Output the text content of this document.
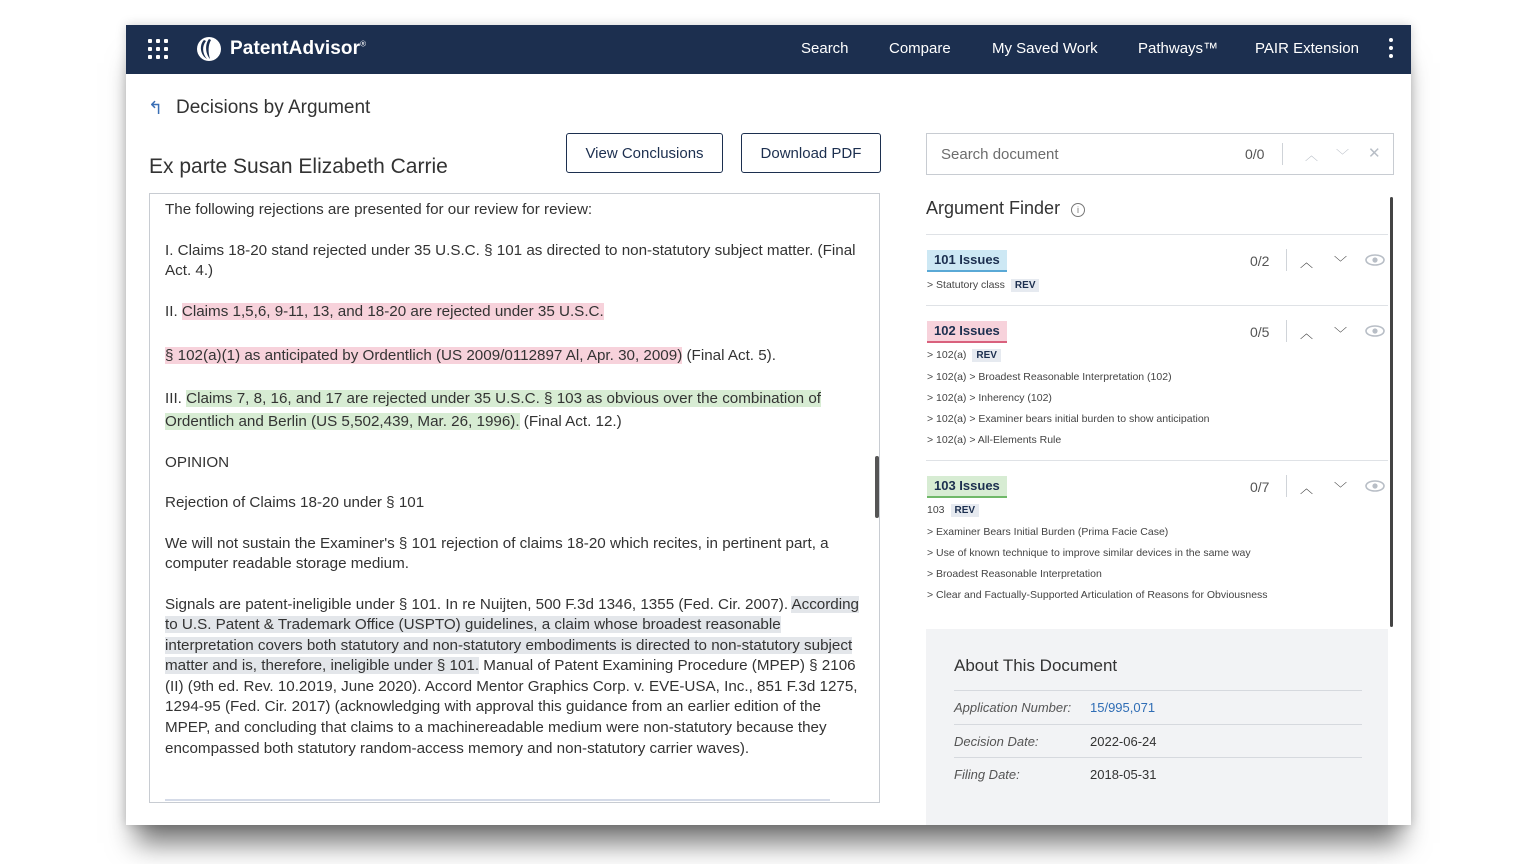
PatentAdvisor®	Search	Compare	My Saved Work	Pathways™ PAIR Extension
↰ Decisions by Argument
Ex parte Susan Elizabeth Carrie
View Conclusions	Download PDF

The following rejections are presented for our review for review:

I. Claims 18-20 stand rejected under 35 U.S.C. § 101 as directed to non-statutory subject matter. (Final Act. 4.)

II. Claims 1,5,6, 9-11, 13, and 18-20 are rejected under 35 U.S.C.

§ 102(a)(1) as anticipated by Ordentlich (US 2009/0112897 Al, Apr. 30, 2009) (Final Act. 5).

III. Claims 7, 8, 16, and 17 are rejected under 35 U.S.C. § 103 as obvious over the combination of Ordentlich and Berlin (US 5,502,439, Mar. 26, 1996). (Final Act. 12.)

OPINION

Rejection of Claims 18-20 under § 101

We will not sustain the Examiner's § 101 rejection of claims 18-20 which recites, in pertinent part, a computer readable storage medium.

Signals are patent-ineligible under § 101. In re Nuijten, 500 F.3d 1346, 1355 (Fed. Cir. 2007). According to U.S. Patent & Trademark Office (USPTO) guidelines, a claim whose broadest reasonable interpretation covers both statutory and non-statutory embodiments is directed to non-statutory subject matter and is, therefore, ineligible under § 101. Manual of Patent Examining Procedure (MPEP) § 2106 (II) (9th ed. Rev. 10.2019, June 2020). Accord Mentor Graphics Corp. v. EVE-USA, Inc., 851 F.3d 1275, 1294-95 (Fed. Cir. 2017) (acknowledging with approval this guidance from an earlier edition of the MPEP, and concluding that claims to a machinereadable medium were non-statutory because they encompassed both statutory random-access memory and non-statutory carrier waves).

Search document
0/0	︿ ﹀ ✕
Argument Finder	i
101 Issues	0/2 ︿ ﹀
> Statutory class REV
102 Issues	0/5 ︿ ﹀
> 102(a) REV
> 102(a) > Broadest Reasonable Interpretation (102)
> 102(a) > Inherency (102)
> 102(a) > Examiner bears initial burden to show anticipation
> 102(a) > All-Elements Rule
103 Issues	0/7 ︿ ﹀
103 REV
> Examiner Bears Initial Burden (Prima Facie Case)
> Use of known technique to improve similar devices in the same way
> Broadest Reasonable Interpretation
> Clear and Factually-Supported Articulation of Reasons for Obviousness
About This Document
Application Number: 15/995,071
Decision Date:	2022-06-24
Filing Date:	2018-05-31
